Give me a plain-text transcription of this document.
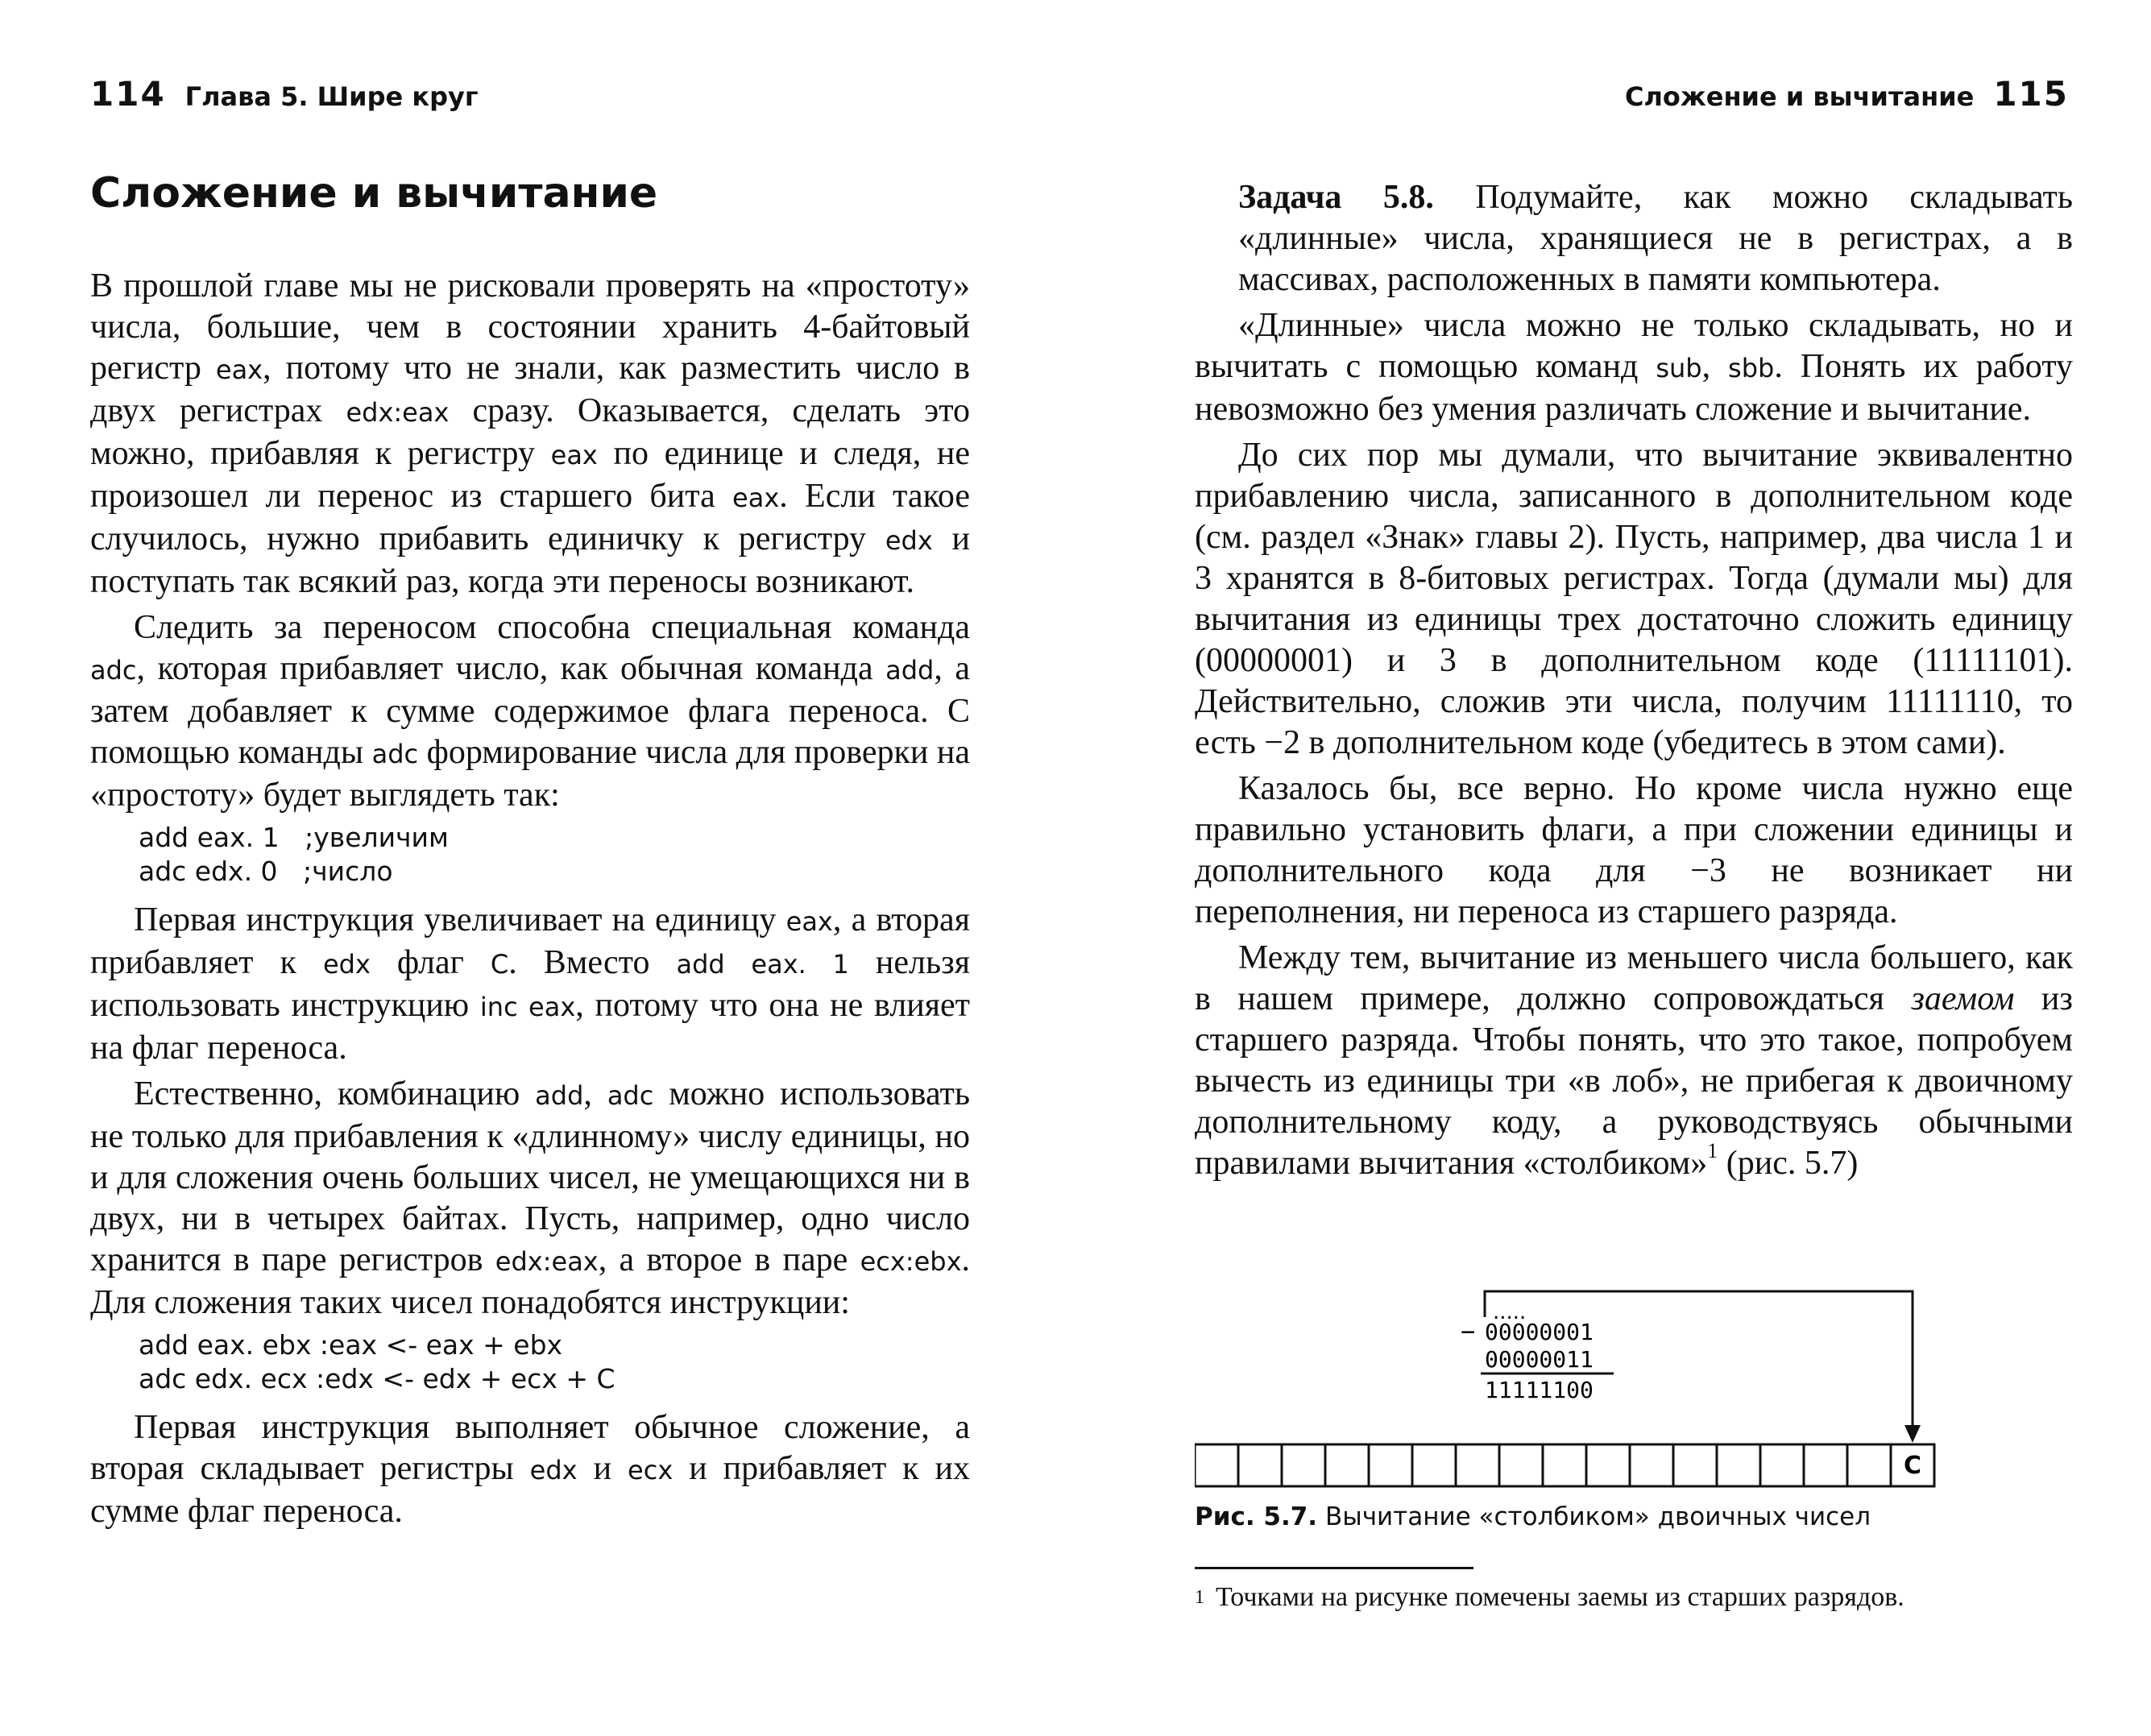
114 Глава 5. Шире круг
Сложение и вычитание

В прошлой главе мы не рисковали проверять на «простоту» числа, большие, чем в состоянии хранить 4-байтовый регистр eax, потому что не знали, как разместить число в двух регистрах edx:eax сразу. Оказывается, сделать это можно, прибавляя к регистру eax по единице и следя, не произошел ли перенос из старшего бита eax. Если такое случилось, нужно прибавить единичку к регистру edx и поступать так всякий раз, когда эти переносы возникают.

Следить за переносом способна специальная команда adc, которая прибавляет число, как обычная команда add, а затем добавляет к сумме содержимое флага переноса. С помощью команды adc формирование числа для проверки на «простоту» будет выглядеть так:

add eax. 1   ;увеличим
adc edx. 0   ;число

Первая инструкция увеличивает на единицу eax, а вторая прибавляет к edx флаг C. Вместо add eax. 1 нельзя использовать инструкцию inc eax, потому что она не влияет на флаг переноса.

Естественно, комбинацию add, adc можно использовать не только для прибавления к «длинному» числу единицы, но и для сложения очень больших чисел, не умещающихся ни в двух, ни в четырех байтах. Пусть, например, одно число хранится в паре регистров edx:eax, а второе в паре ecx:ebx. Для сложения таких чисел понадобятся инструкции:

add eax. ebx :eax <- eax + ebx
adc edx. ecx :edx <- edx + ecx + C

Первая инструкция выполняет обычное сложение, а вторая складывает регистры edx и ecx и прибавляет к их сумме флаг переноса.

Сложение и вычитание 115
Задача 5.8. Подумайте, как можно складывать «длинные» числа, хранящиеся не в регистрах, а в массивах, расположенных в памяти компьютера.

«Длинные» числа можно не только складывать, но и вычитать с помощью команд sub, sbb. Понять их работу невозможно без умения различать сложение и вычитание.

До сих пор мы думали, что вычитание эквивалентно прибавлению числа, записанного в дополнительном коде (см. раздел «Знак» главы 2). Пусть, например, два числа 1 и 3 хранятся в 8-битовых регистрах. Тогда (думали мы) для вычитания из единицы трех достаточно сложить единицу (00000001) и 3 в дополнительном коде (11111101). Действительно, сложив эти числа, получим 11111110, то есть −2 в дополнительном коде (убедитесь в этом сами).

Казалось бы, все верно. Но кроме числа нужно еще правильно установить флаги, а при сложении единицы и дополнительного кода для −3 не возникает ни переполнения, ни переноса из старшего разряда.

Между тем, вычитание из меньшего числа большего, как в нашем примере, должно сопровождаться заемом из старшего разряда. Чтобы понять, что это такое, попробуем вычесть из единицы три «в лоб», не прибегая к двоичному дополнительному коду, а руководствуясь обычными правилами вычитания «столбиком»$^1$ (рис. 5.7)

.....
− 00000001
00000011
11111100
C
Рис. 5.7. Вычитание «столбиком» двоичных чисел
$^1$ Точками на рисунке помечены заемы из старших разрядов.
